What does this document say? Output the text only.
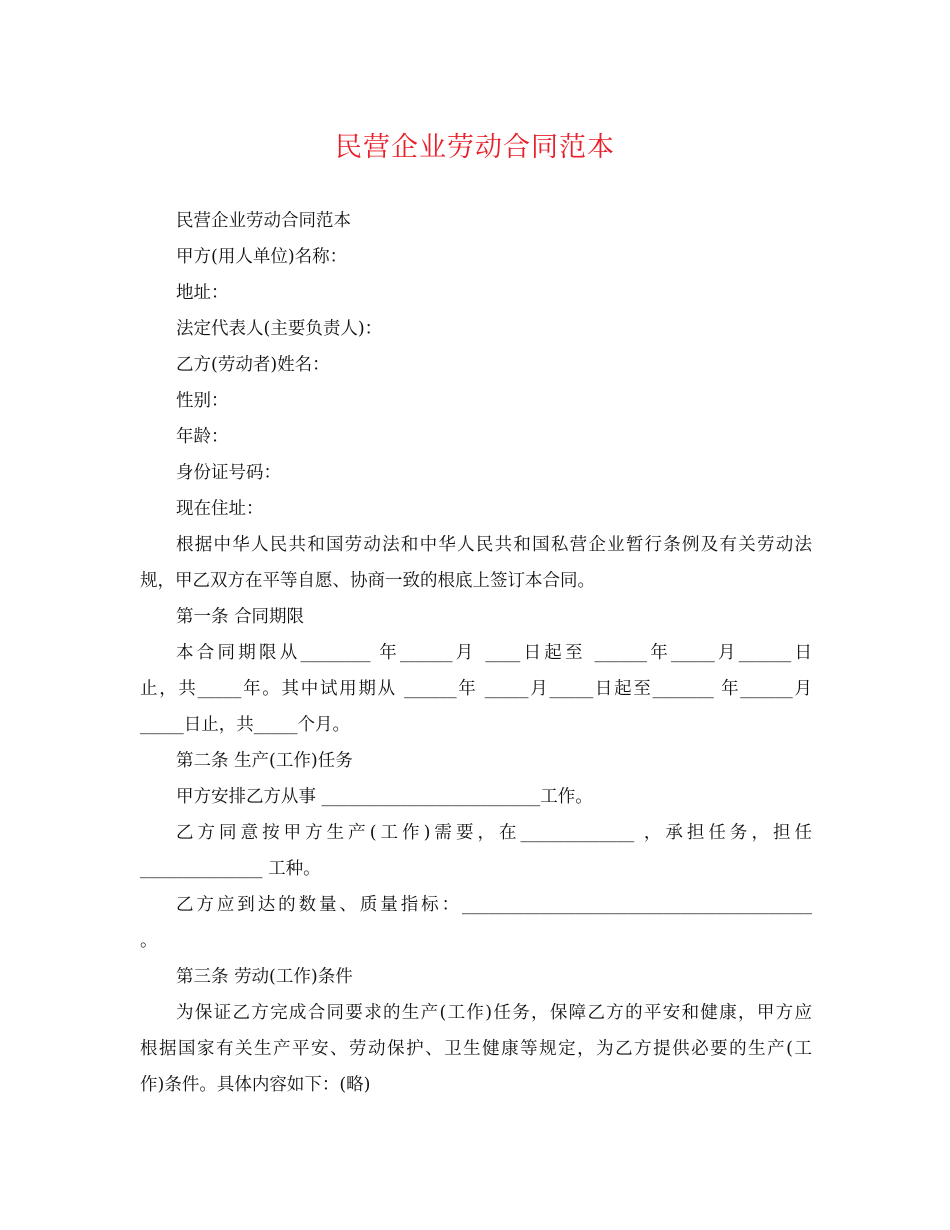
民营企业劳动合同范本

民营企业劳动合同范本

甲方(用人单位)名称：

地址：

法定代表人(主要负责人)：

乙方(劳动者)姓名：

性别：

年龄：

身份证号码：

现在住址：

根据中华人民共和国劳动法和中华人民共和国私营企业暂行条例及有关劳动法
规，甲乙双方在平等自愿、协商一致的根底上签订本合同。

第一条 合同期限

本合同期限从________ 年______月 ____日起至 ______年_____月______日
止，共_____年。其中试用期从 ______年 _____月_____日起至_______ 年______月
_____日止，共_____个月。

第二条 生产(工作)任务

甲方安排乙方从事 _________________________工作。

乙方同意按甲方生产(工作)需要，在_____________ ，承担任务，担任
______________ 工种。
乙方应到达的数量、质量指标：________________________________________
。

第三条 劳动(工作)条件

为保证乙方完成合同要求的生产(工作)任务，保障乙方的平安和健康，甲方应
根据国家有关生产平安、劳动保护、卫生健康等规定，为乙方提供必要的生产(工
作)条件。具体内容如下：(略)
